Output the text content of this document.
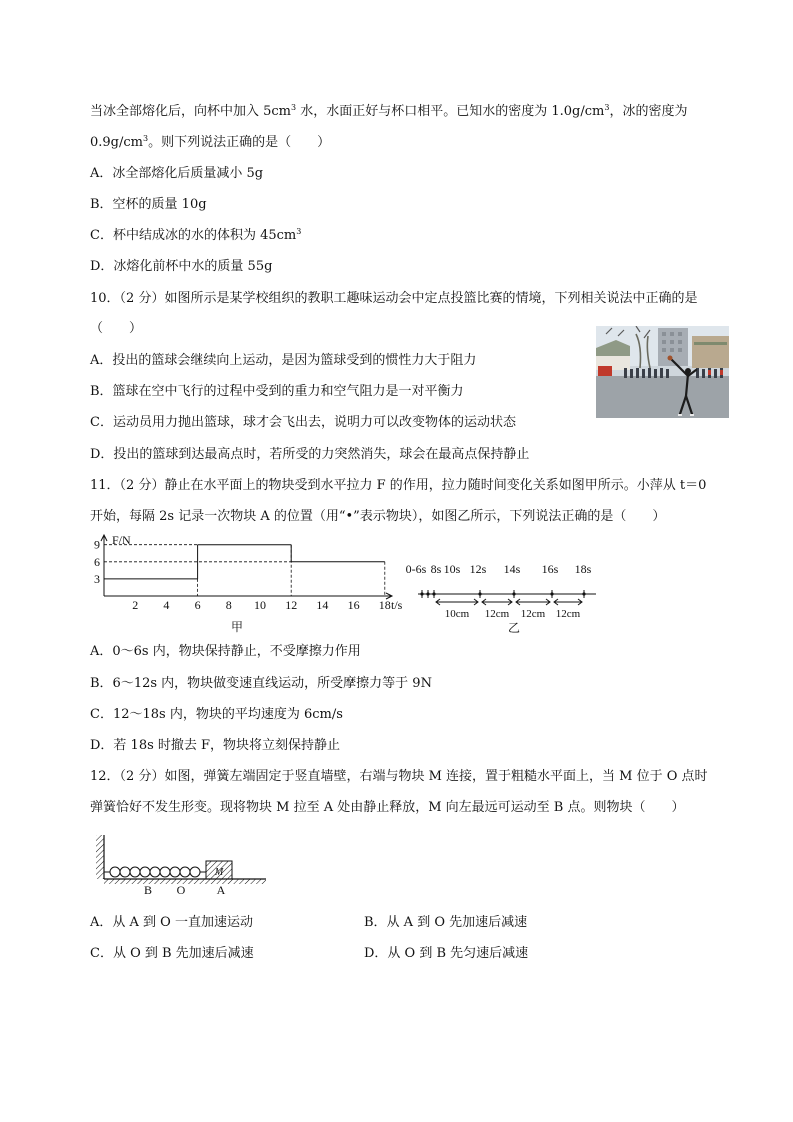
当冰全部熔化后，向杯中加入 $5cm^3$ 水，水面正好与杯口相平。已知水的密度为 $1.0g/cm^3$，冰的密度为
$0.9g/cm^3$。则下列说法正确的是（　　）
A．冰全部熔化后质量减小 5g
B．空杯的质量 10g
C．杯中结成冰的水的体积为 $45cm^3$
D．冰熔化前杯中水的质量 55g
10．（2 分）如图所示是某学校组织的教职工趣味运动会中定点投篮比赛的情境，下列相关说法中正确的是
（　　）
A．投出的篮球会继续向上运动，是因为篮球受到的惯性力大于阻力
B．篮球在空中飞行的过程中受到的重力和空气阻力是一对平衡力
C．运动员用力抛出篮球，球才会飞出去，说明力可以改变物体的运动状态
D．投出的篮球到达最高点时，若所受的力突然消失，球会在最高点保持静止
11．（2 分）静止在水平面上的物块受到水平拉力 F 的作用，拉力随时间变化关系如图甲所示。小萍从 t＝0
开始，每隔 2s 记录一次物块 A 的位置（用“•”表示物块），如图乙所示，下列说法正确的是（　　）
F/N
t/s
2 4 6 8 10 12 14 16 18
9
6
3
甲
0-6s 8s 10s 12s 14s 16s 18s
10cm 12cm 12cm 12cm
乙
A．0～6s 内，物块保持静止，不受摩擦力作用
B．6～12s 内，物块做变速直线运动，所受摩擦力等于 9N
C．12～18s 内，物块的平均速度为 6cm/s
D．若 18s 时撤去 F，物块将立刻保持静止
12．（2 分）如图，弹簧左端固定于竖直墙壁，右端与物块 M 连接，置于粗糙水平面上，当 M 位于 O 点时
弹簧恰好不发生形变。现将物块 M 拉至 A 处由静止释放，M 向左最远可运动至 B 点。则物块（　　）
M
B O	A
A．从 A 到 O 一直加速运动	B．从 A 到 O 先加速后减速
C．从 O 到 B 先加速后减速	D．从 O 到 B 先匀速后减速
